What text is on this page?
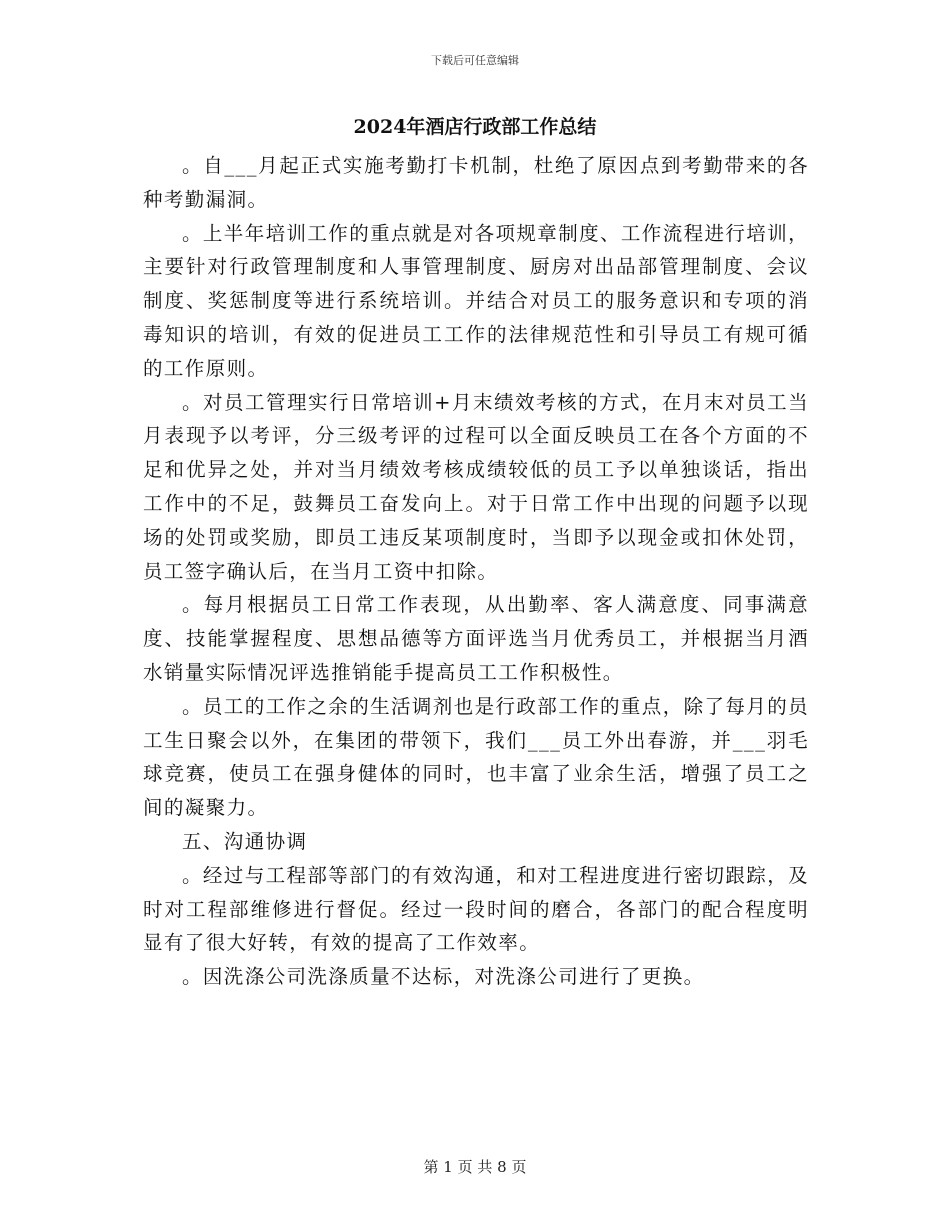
下载后可任意编辑
2024年酒店行政部工作总结

。自___月起正式实施考勤打卡机制，杜绝了原因点到考勤带来的各种考勤漏洞。

。上半年培训工作的重点就是对各项规章制度、工作流程进行培训，主要针对行政管理制度和人事管理制度、厨房对出品部管理制度、会议制度、奖惩制度等进行系统培训。并结合对员工的服务意识和专项的消毒知识的培训，有效的促进员工工作的法律规范性和引导员工有规可循的工作原则。

。对员工管理实行日常培训+月末绩效考核的方式，在月末对员工当月表现予以考评，分三级考评的过程可以全面反映员工在各个方面的不足和优异之处，并对当月绩效考核成绩较低的员工予以单独谈话，指出工作中的不足，鼓舞员工奋发向上。对于日常工作中出现的问题予以现场的处罚或奖励，即员工违反某项制度时，当即予以现金或扣休处罚，员工签字确认后，在当月工资中扣除。

。每月根据员工日常工作表现，从出勤率、客人满意度、同事满意度、技能掌握程度、思想品德等方面评选当月优秀员工，并根据当月酒水销量实际情况评选推销能手提高员工工作积极性。

。员工的工作之余的生活调剂也是行政部工作的重点，除了每月的员工生日聚会以外，在集团的带领下，我们___员工外出春游，并___羽毛球竞赛，使员工在强身健体的同时，也丰富了业余生活，增强了员工之间的凝聚力。

五、沟通协调

。经过与工程部等部门的有效沟通，和对工程进度进行密切跟踪，及时对工程部维修进行督促。经过一段时间的磨合，各部门的配合程度明显有了很大好转，有效的提高了工作效率。

。因洗涤公司洗涤质量不达标，对洗涤公司进行了更换。

第 1 页 共 8 页
